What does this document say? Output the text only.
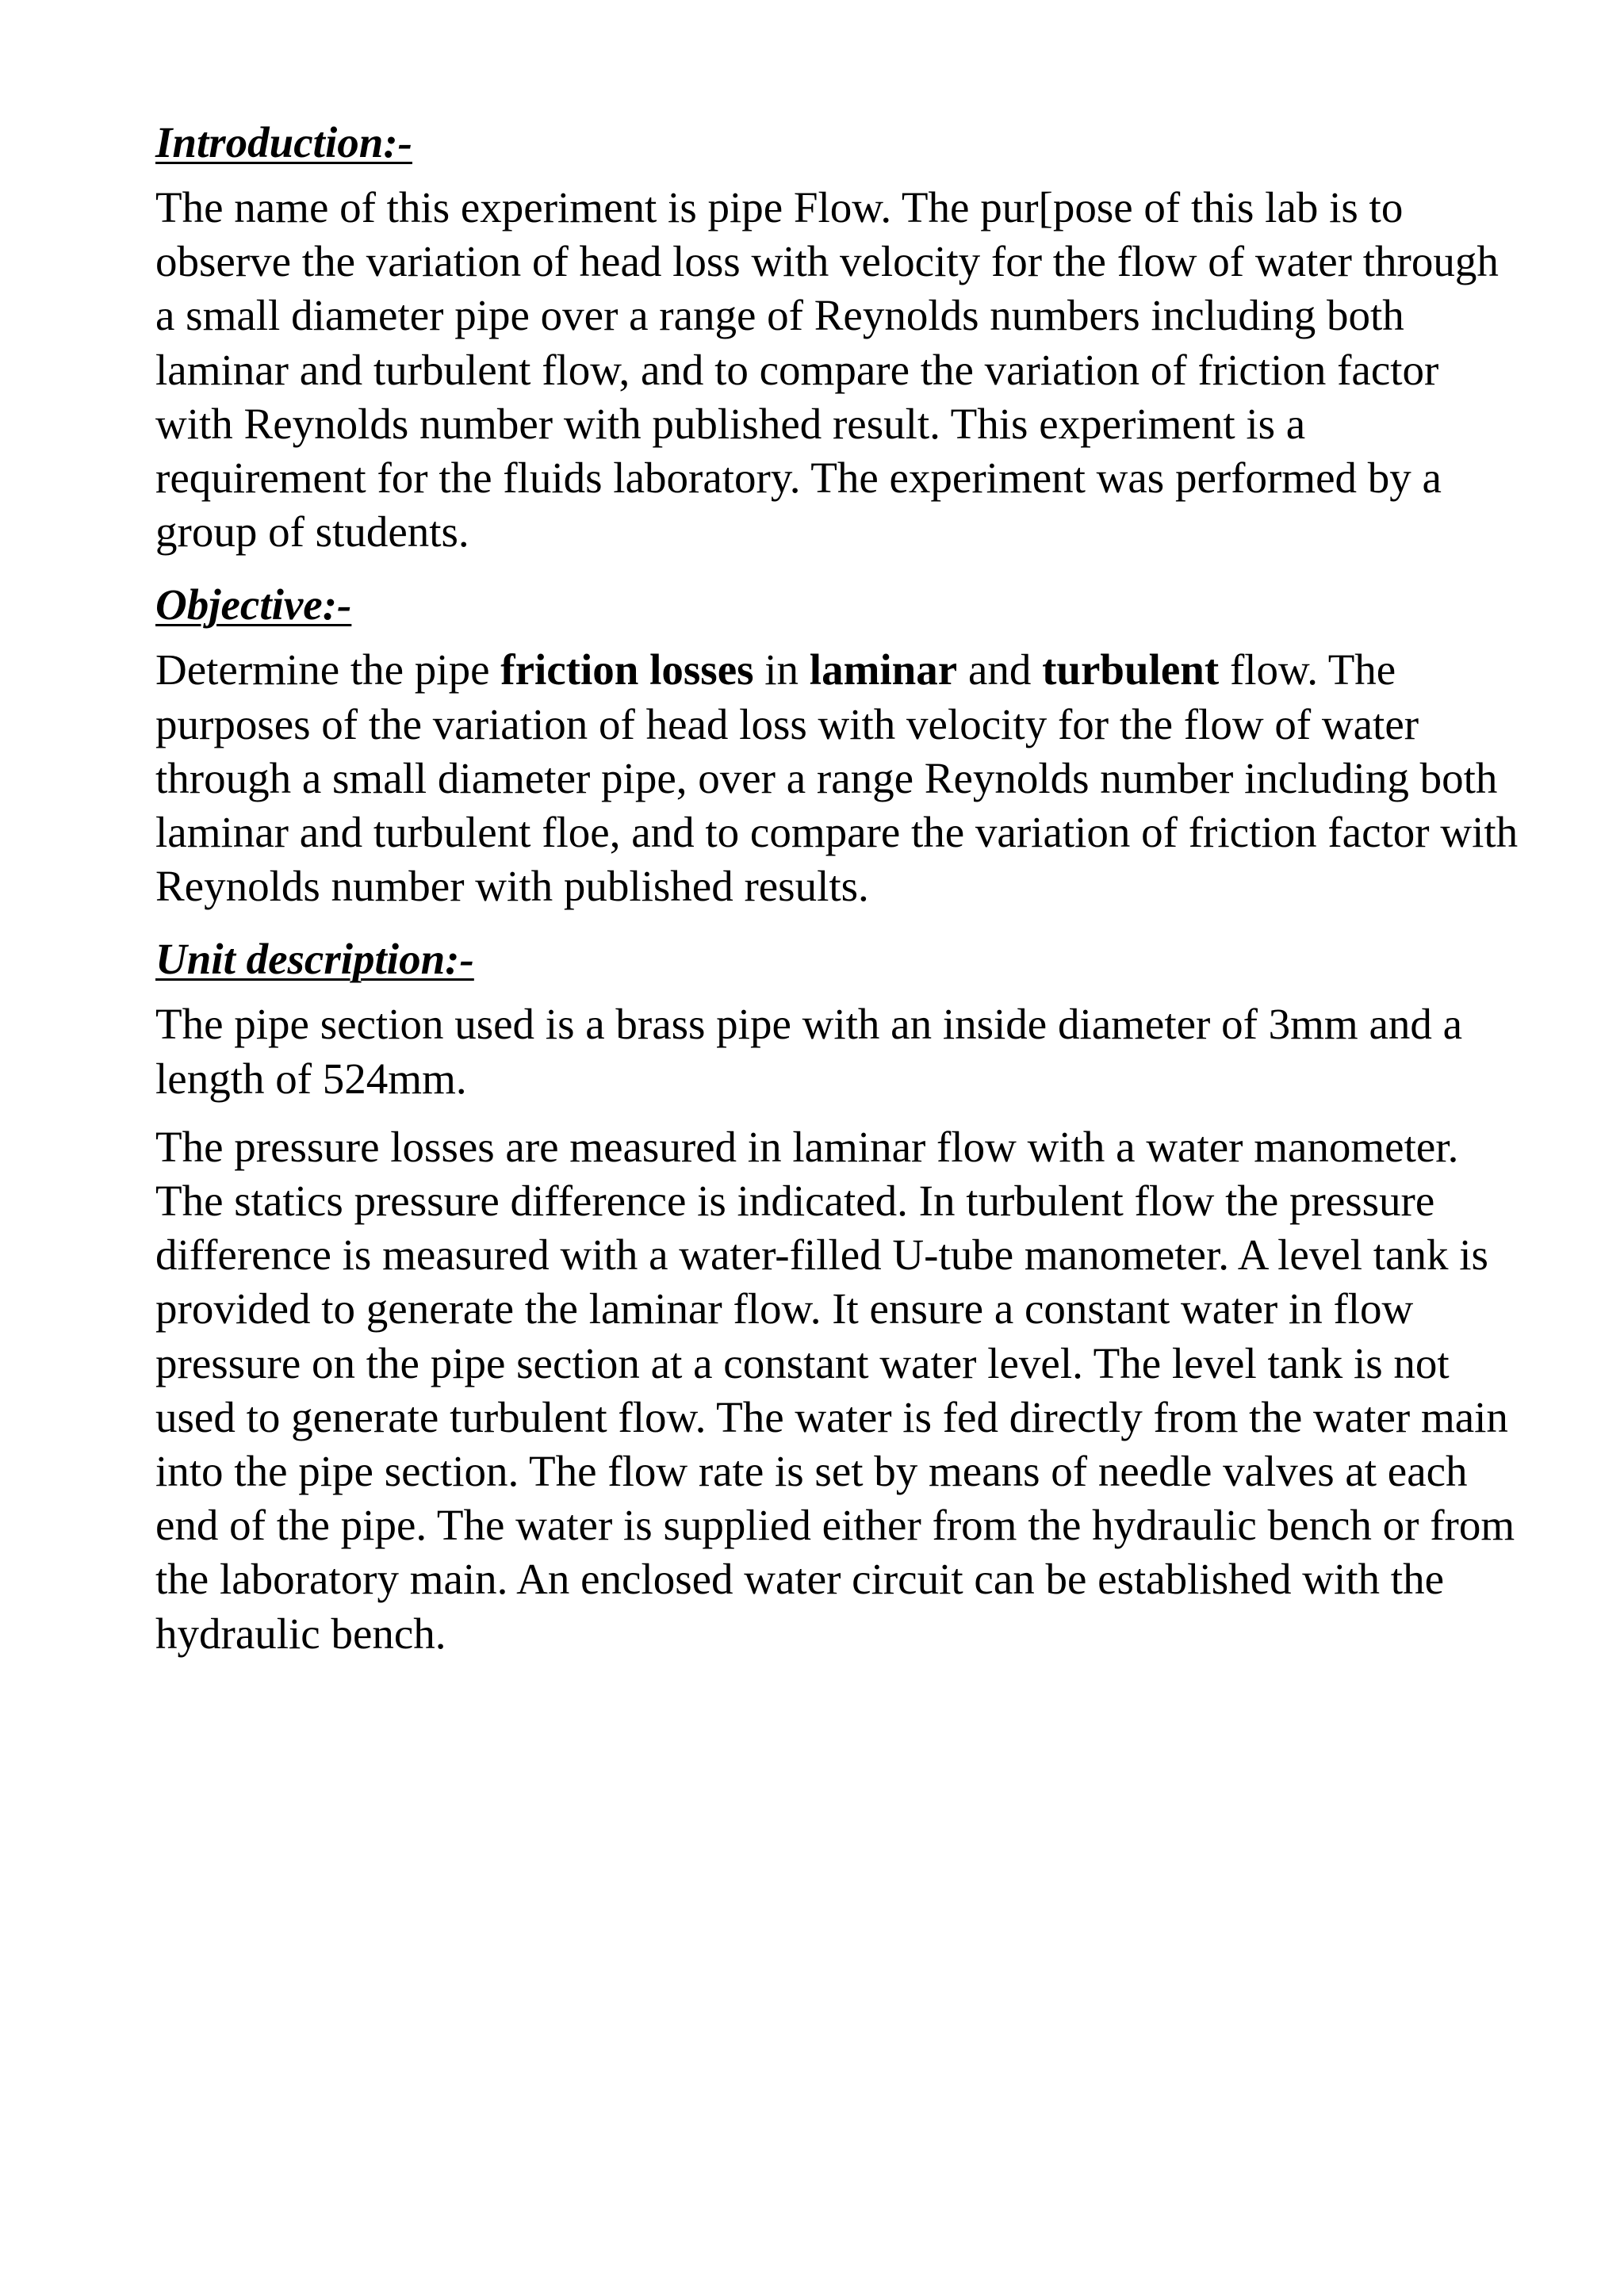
Introduction:-
The name of this experiment is pipe Flow. The pur[pose of this lab is to
observe the variation of head loss with velocity for the flow of water through
a small diameter pipe over a range of Reynolds numbers including both
laminar and turbulent flow, and to compare the variation of friction factor
with Reynolds number with published result. This experiment is a
requirement for the fluids laboratory. The experiment was performed by a
group of students.
Objective:-
Determine the pipe friction losses in laminar and turbulent flow. The
purposes of the variation of head loss with velocity for the flow of water
through a small diameter pipe, over a range Reynolds number including both
laminar and turbulent floe, and to compare the variation of friction factor with
Reynolds number with published results.
Unit description:-
The pipe section used is a brass pipe with an inside diameter of 3mm and a
length of 524mm.
The pressure losses are measured in laminar flow with a water manometer.
The statics pressure difference is indicated. In turbulent flow the pressure
difference is measured with a water-filled U-tube manometer. A level tank is
provided to generate the laminar flow. It ensure a constant water in flow
pressure on the pipe section at a constant water level. The level tank is not
used to generate turbulent flow. The water is fed directly from the water main
into the pipe section. The flow rate is set by means of needle valves at each
end of the pipe. The water is supplied either from the hydraulic bench or from
the laboratory main. An enclosed water circuit can be established with the
hydraulic bench.
